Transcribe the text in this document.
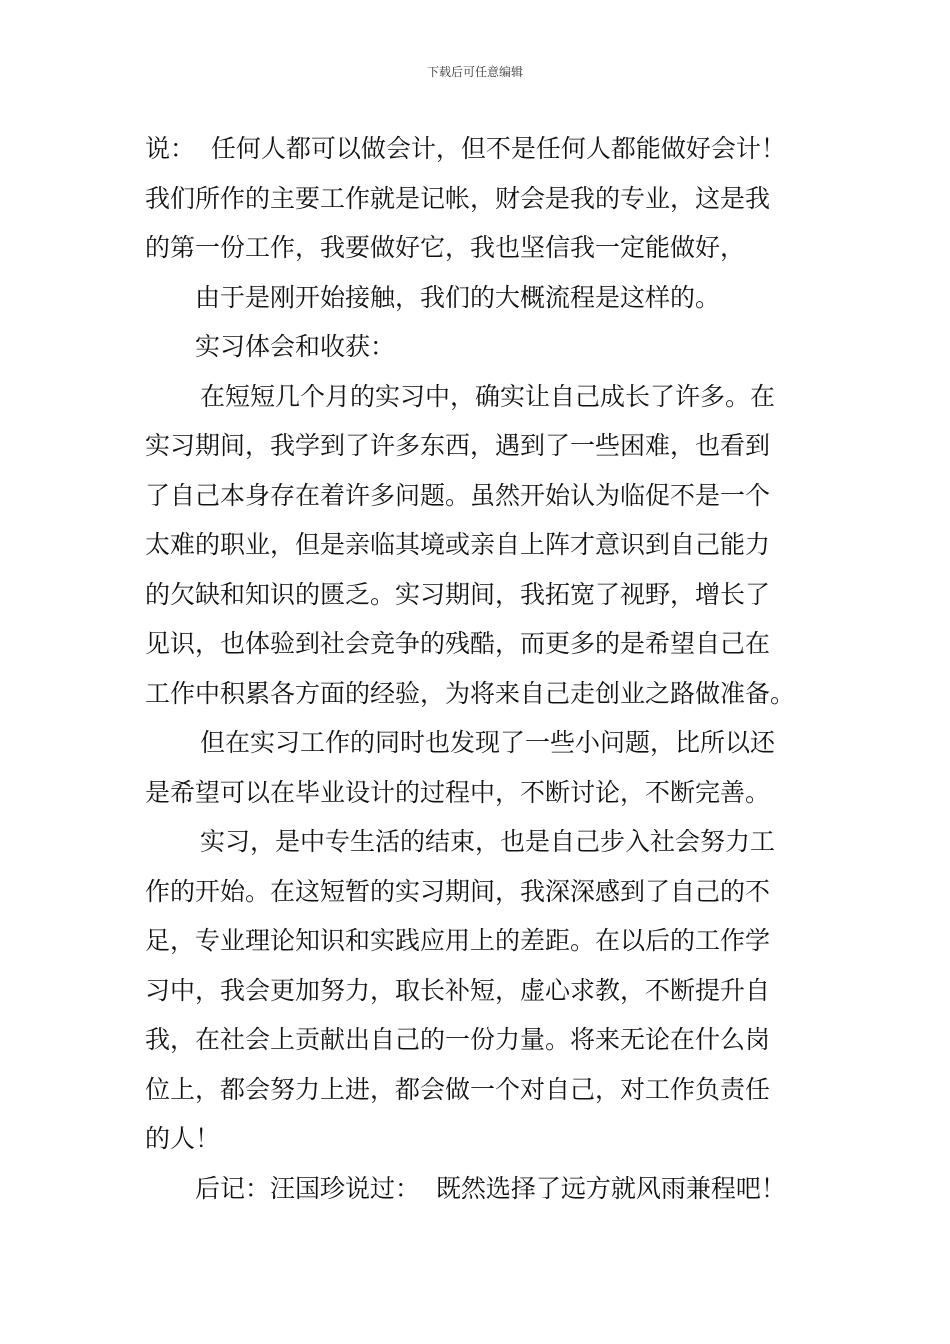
下载后可任意编辑
说：  任何人都可以做会计，但不是任何人都能做好会计！
我们所作的主要工作就是记帐，财会是我的专业，这是我
的第一份工作，我要做好它，我也坚信我一定能做好，
由于是刚开始接触，我们的大概流程是这样的。
实习体会和收获：
在短短几个月的实习中，确实让自己成长了许多。在
实习期间，我学到了许多东西，遇到了一些困难，也看到
了自己本身存在着许多问题。虽然开始认为临促不是一个
太难的职业，但是亲临其境或亲自上阵才意识到自己能力
的欠缺和知识的匮乏。实习期间，我拓宽了视野，增长了
见识，也体验到社会竞争的残酷，而更多的是希望自己在
工作中积累各方面的经验，为将来自己走创业之路做准备。
但在实习工作的同时也发现了一些小问题，比所以还
是希望可以在毕业设计的过程中，不断讨论，不断完善。
实习，是中专生活的结束，也是自己步入社会努力工
作的开始。在这短暂的实习期间，我深深感到了自己的不
足，专业理论知识和实践应用上的差距。在以后的工作学
习中，我会更加努力，取长补短，虚心求教，不断提升自
我，在社会上贡献出自己的一份力量。将来无论在什么岗
位上，都会努力上进，都会做一个对自己，对工作负责任
的人！
后记：汪国珍说过：  既然选择了远方就风雨兼程吧！
